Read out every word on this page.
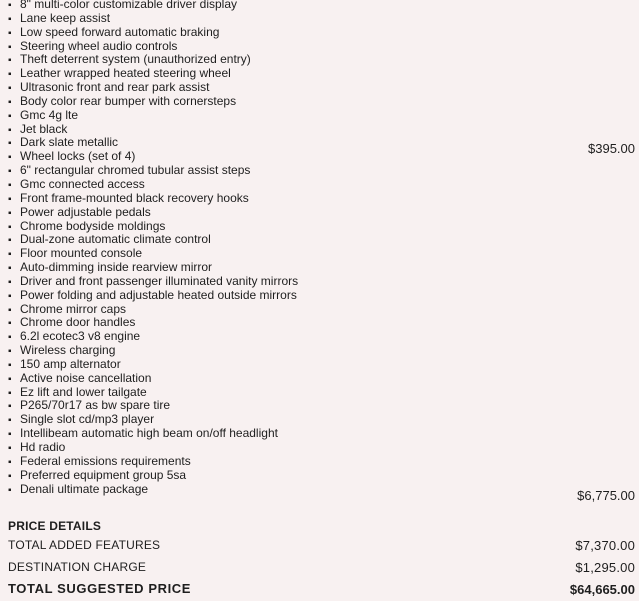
▪ 8" multi-color customizable driver display
▪ Lane keep assist
▪ Low speed forward automatic braking
▪ Steering wheel audio controls
▪ Theft deterrent system (unauthorized entry)
▪ Leather wrapped heated steering wheel
▪ Ultrasonic front and rear park assist
▪ Body color rear bumper with cornersteps
▪ Gmc 4g lte
▪ Jet black
▪ Dark slate metallic	$395.00
▪ Wheel locks (set of 4)
▪ 6" rectangular chromed tubular assist steps
▪ Gmc connected access
▪ Front frame-mounted black recovery hooks
▪ Power adjustable pedals
▪ Chrome bodyside moldings
▪ Dual-zone automatic climate control
▪ Floor mounted console
▪ Auto-dimming inside rearview mirror
▪ Driver and front passenger illuminated vanity mirrors
▪ Power folding and adjustable heated outside mirrors
▪ Chrome mirror caps
▪ Chrome door handles
▪ 6.2l ecotec3 v8 engine
▪ Wireless charging
▪ 150 amp alternator
▪ Active noise cancellation
▪ Ez lift and lower tailgate
▪ P265/70r17 as bw spare tire
▪ Single slot cd/mp3 player
▪ Intellibeam automatic high beam on/off headlight
▪ Hd radio
▪ Federal emissions requirements
▪ Preferred equipment group 5sa
▪ Denali ultimate package	$6,775.00
PRICE DETAILS
TOTAL ADDED FEATURES	$7,370.00
DESTINATION CHARGE	$1,295.00
TOTAL SUGGESTED PRICE	$64,665.00
